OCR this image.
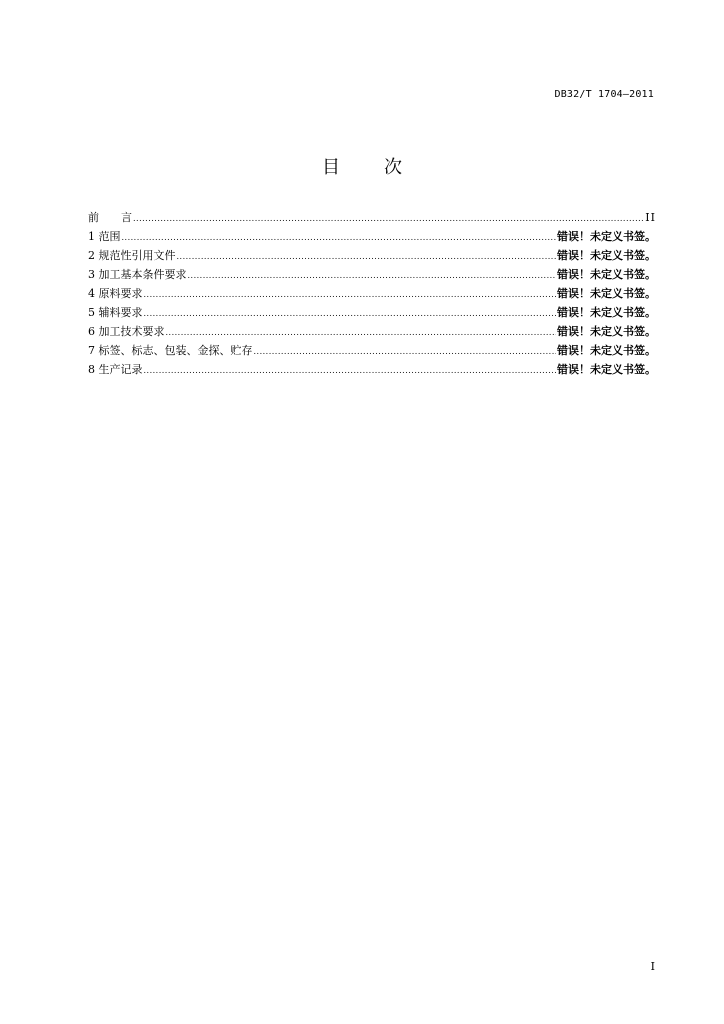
DB32/T 1704—2011
目 次
前 言 .....	II
1 范围 .....	错误！未定义书签。
2 规范性引用文件 .....	错误！未定义书签。
3 加工基本条件要求 .....	错误！未定义书签。
4 原料要求 .....	错误！未定义书签。
5 辅料要求 .....	错误！未定义书签。
6 加工技术要求 .....	错误！未定义书签。
7 标签、标志、包装、金探、贮存 .....	错误！未定义书签。
8 生产记录 .....	错误！未定义书签。
I
